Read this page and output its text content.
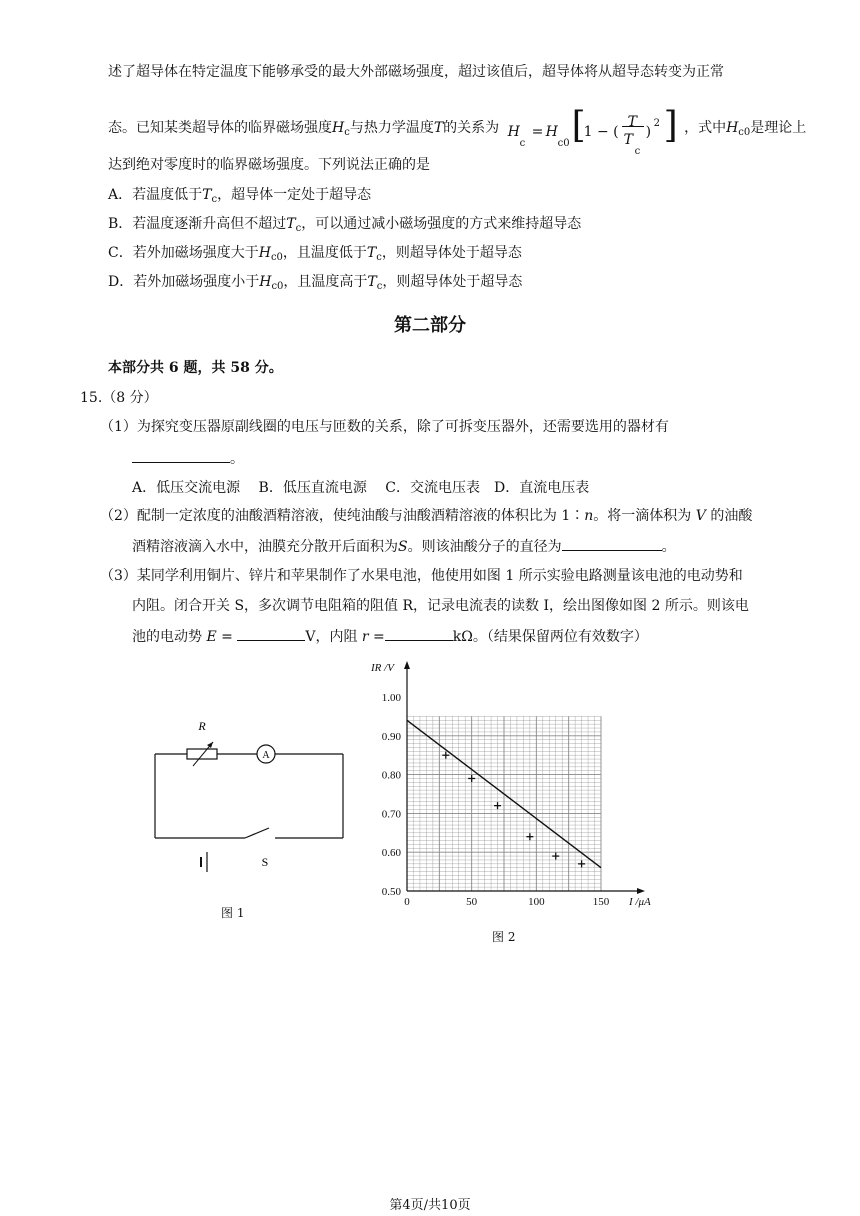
述了超导体在特定温度下能够承受的最大外部磁场强度，超过该值后，超导体将从超导态转变为正常
态。已知某类超导体的临界磁场强度$H_c$与热力学温度T的关系为 H
c
= H
c0 [
1 − (
T
T
c
)
2 ] ，式中$H_{c0}$是理论上
达到绝对零度时的临界磁场强度。下列说法正确的是
A．若温度低于$T_c$，超导体一定处于超导态
B．若温度逐渐升高但不超过$T_c$，可以通过减小磁场强度的方式来维持超导态
C．若外加磁场强度大于$H_{c0}$，且温度低于$T_c$，则超导体处于超导态
D．若外加磁场强度小于$H_{c0}$，且温度高于$T_c$，则超导体处于超导态
第二部分
本部分共 6 题，共 58 分。
15.（8 分）
（1）为探究变压器原副线圈的电压与匝数的关系，除了可拆变压器外，还需要选用的器材有
。
A．低压交流电源　 B．低压直流电源　 C．交流电压表　D．直流电压表
（2）配制一定浓度的油酸酒精溶液，使纯油酸与油酸酒精溶液的体积比为 1∶n。将一滴体积为 V 的油酸
酒精溶液滴入水中，油膜充分散开后面积为S。则该油酸分子的直径为	。
（3）某同学利用铜片、锌片和苹果制作了水果电池，他使用如图 1 所示实验电路测量该电池的电动势和
内阻。闭合开关 S，多次调节电阻箱的阻值 R，记录电流表的读数 I，绘出图像如图 2 所示。则该电
池的电动势 E =	V，内阻 r =	kΩ。（结果保留两位有效数字）
A
R
S
图 1
0.50
0.60
0.70
0.80
0.90
1.00
0	50	100	150
IR /V
I /μA
图 2
第4页/共10页
